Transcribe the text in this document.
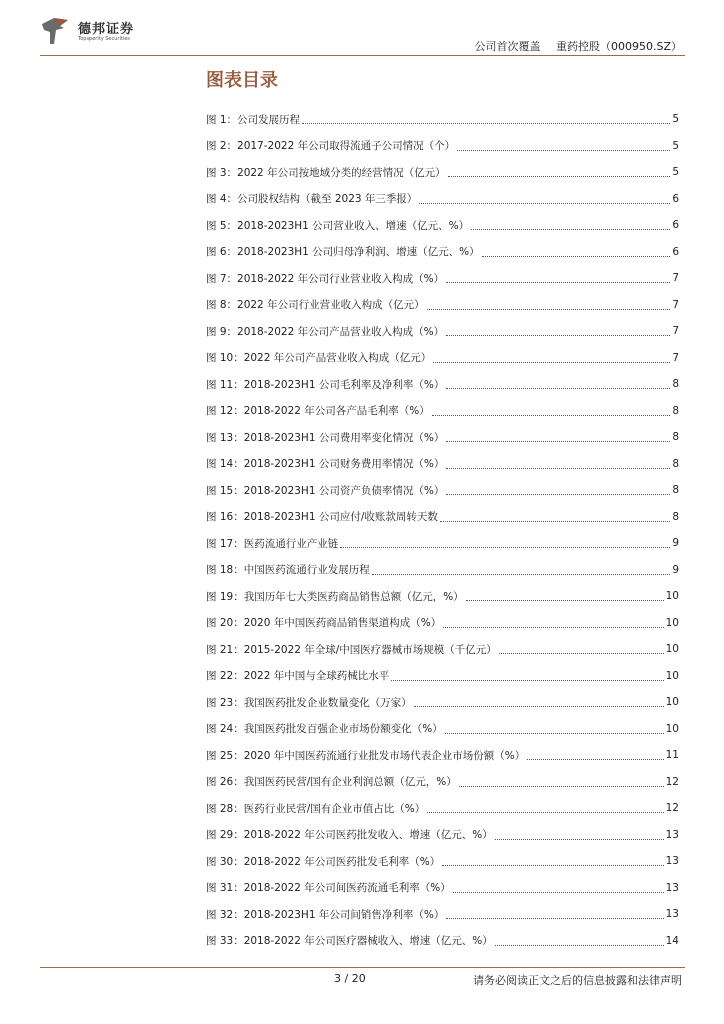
德邦证券
Topsperity Securities
公司首次覆盖 重药控股（000950.SZ）
图表目录
图 1：公司发展历程	5
图 2：2017-2022 年公司取得流通子公司情况（个）	5
图 3：2022 年公司按地域分类的经营情况（亿元）	5
图 4：公司股权结构（截至 2023 年三季报）	6
图 5：2018-2023H1 公司营业收入、增速（亿元、%）	6
图 6：2018-2023H1 公司归母净利润、增速（亿元、%）	6
图 7：2018-2022 年公司行业营业收入构成（%）	7
图 8：2022 年公司行业营业收入构成（亿元）	7
图 9：2018-2022 年公司产品营业收入构成（%）	7
图 10：2022 年公司产品营业收入构成（亿元）	7
图 11：2018-2023H1 公司毛利率及净利率（%）	8
图 12：2018-2022 年公司各产品毛利率（%）	8
图 13：2018-2023H1 公司费用率变化情况（%）	8
图 14：2018-2023H1 公司财务费用率情况（%）	8
图 15：2018-2023H1 公司资产负债率情况（%）	8
图 16：2018-2023H1 公司应付/收账款周转天数	8
图 17：医药流通行业产业链	9
图 18：中国医药流通行业发展历程	9
图 19：我国历年七大类医药商品销售总额（亿元，%）	10
图 20：2020 年中国医药商品销售渠道构成（%）	10
图 21：2015-2022 年全球/中国医疗器械市场规模（千亿元）	10
图 22：2022 年中国与全球药械比水平	10
图 23：我国医药批发企业数量变化（万家）	10
图 24：我国医药批发百强企业市场份额变化（%）	10
图 25：2020 年中国医药流通行业批发市场代表企业市场份额（%）	11
图 26：我国医药民营/国有企业利润总额（亿元，%）	12
图 28：医药行业民营/国有企业市值占比（%）	12
图 29：2018-2022 年公司医药批发收入、增速（亿元、%）	13
图 30：2018-2022 年公司医药批发毛利率（%）	13
图 31：2018-2022 年公司间医药流通毛利率（%）	13
图 32：2018-2023H1 年公司间销售净利率（%）	13
图 33：2018-2022 年公司医疗器械收入、增速（亿元、%）	14
3 / 20	请务必阅读正文之后的信息披露和法律声明
